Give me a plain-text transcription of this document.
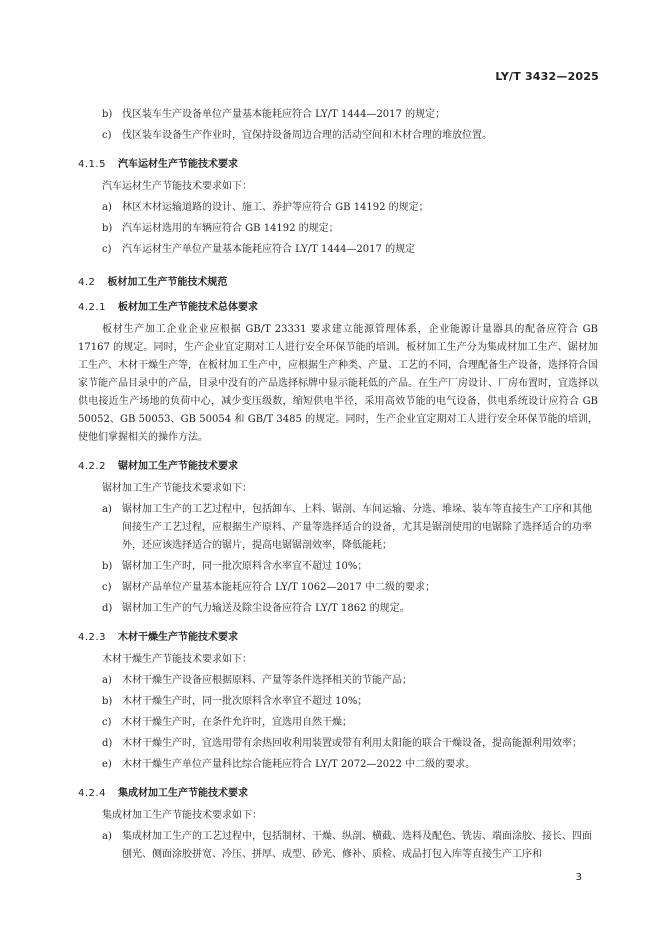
LY/T 3432—2025
b) 伐区装车生产设备单位产量基本能耗应符合 LY/T 1444—2017 的规定；
c)	伐区装车设备生产作业时，宜保持设备周边合理的活动空间和木材合理的堆放位置。
4.1.5 汽车运材生产节能技术要求
汽车运材生产节能技术要求如下：
a)	林区木材运输道路的设计、施工、养护等应符合 GB 14192 的规定；
b) 汽车运材选用的车辆应符合 GB 14192 的规定；
c)	汽车运材生产单位产量基本能耗应符合 LY/T 1444—2017 的规定
4.2 板材加工生产节能技术规范
4.2.1 板材加工生产节能技术总体要求
板材生产加工企业企业应根据 GB/T 23331 要求建立能源管理体系，企业能源计量器具的配备应符合 GB 17167 的规定。同时，生产企业宜定期对工人进行安全环保节能的培训。板材加工生产分为集成材加工生产、锯材加工生产、木材干燥生产等，在板材加工生产中，应根据生产种类、产量、工艺的不同，合理配备生产设备，选择符合国家节能产品目录中的产品，目录中没有的产品选择标牌中显示能耗低的产品。在生产厂房设计、厂房布置时，宜选择以供电接近生产场地的负荷中心，减少变压级数，缩短供电半径，采用高效节能的电气设备，供电系统设计应符合 GB 50052、GB 50053、GB 50054 和 GB/T 3485 的规定。同时，生产企业宜定期对工人进行安全环保节能的培训，使他们掌握相关的操作方法。
4.2.2 锯材加工生产节能技术要求
锯材加工生产节能技术要求如下：
a)	锯材加工生产的工艺过程中，包括卸车、上料、锯剖、车间运输、分选、堆垛、装车等直接生产工序和其他间接生产工艺过程，应根据生产原料、产量等选择适合的设备，尤其是锯剖使用的电锯除了选择适合的功率外，还应该选择适合的锯片，提高电锯锯剖效率，降低能耗；
b) 锯材加工生产时，同一批次原料含水率宜不超过 10%；
c)	锯材产品单位产量基本能耗应符合 LY/T 1062—2017 中二级的要求；
d) 锯材加工生产的气力输送及除尘设备应符合 LY/T 1862 的规定。
4.2.3 木材干燥生产节能技术要求
木材干燥生产节能技术要求如下：
a)	木材干燥生产设备应根据原料、产量等条件选择相关的节能产品；
b) 木材干燥生产时，同一批次原料含水率宜不超过 10%；
c)	木材干燥生产时，在条件允许时，宜选用自然干燥；
d) 木材干燥生产时，宜选用带有余热回收利用装置或带有利用太阳能的联合干燥设备，提高能源利用效率；
e)	木材干燥生产单位产量科比综合能耗应符合 LY/T 2072—2022 中二级的要求。
4.2.4 集成材加工生产节能技术要求
集成材加工生产节能技术要求如下：
a)	集成材加工生产的工艺过程中，包括制材、干燥、纵剖、横截、选料及配色、铣齿、端面涂胶、接长、四面刨光、侧面涂胶拼宽、冷压、拼厚、成型、砂光、修补、质检、成品打包入库等直接生产工序和
3
